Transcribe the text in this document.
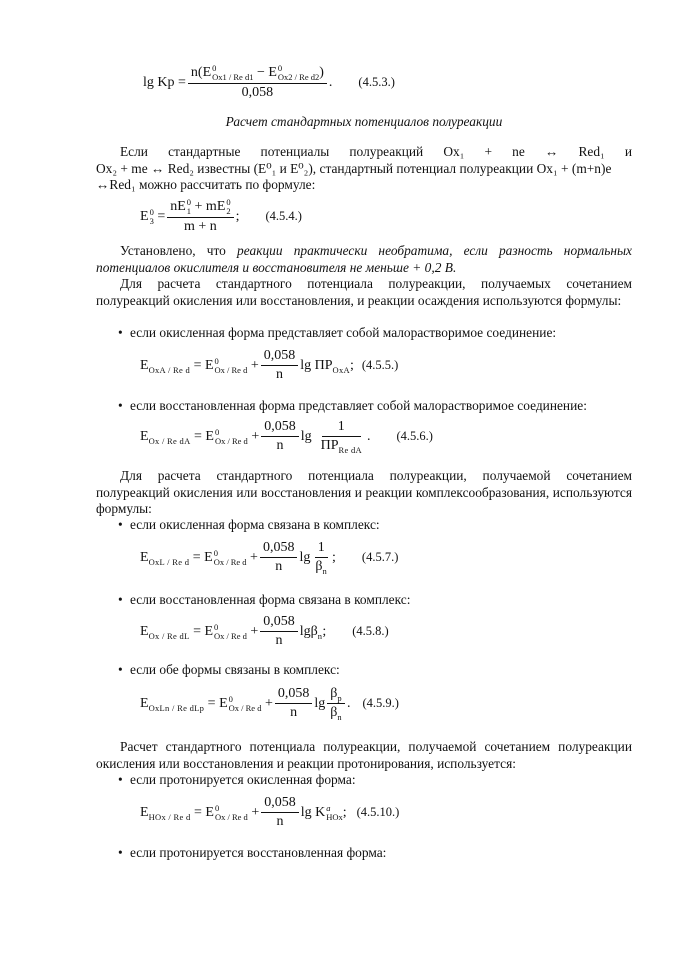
lg Kp = n(E 0
Ox1 / Re d1 − E 0
Ox2 / Re d2 )
0,058 . (4.5.3.)
Расчет стандартных потенциалов полуреакции
Если стандартные потенциалы полуреакций Ox₁ + ne ↔ Red₁ и
Ox₂ + me ↔ Red₂ известны (E⁰₁ и E⁰₂), стандартный потенциал полуреакции Ox₁ + (m+n)e
↔Red₁ можно рассчитать по формуле:
E 0
3 = nE 0
1 + mE 0
2
m + n ; (4.5.4.)
Установлено, что реакции практически необратима, если разность нормальных потенциалов окислителя и восстановителя не меньше + 0,2 В.
Для расчета стандартного потенциала полуреакции, получаемых сочетанием полуреакций окисления или восстановления, и реакции осаждения используются формулы:
• если окисленная форма представляет собой малорастворимое соединение:
$E_{OxA / Re d} = E$ 0
Ox / Re $d + \frac{0,058}{n}$ $\lg ПР_{OxA}$; (4.5.5.)
• если восстановленная форма представляет собой малорастворимое соединение:
$E_{Ox / Re dA} = E$ 0
Ox / Re $d + \frac{0,058}{n}$ $\lg \frac{1}{ПР_{Re dA}}$ . (4.5.6.)
Для расчета стандартного потенциала полуреакции, получаемой сочетанием полуреакций окисления или восстановления и реакции комплексообразования, используются формулы:
• если окисленная форма связана в комплекс:
$E_{OxL / Re d} = E$ 0
Ox / Re $d + \frac{0,058}{n}$ $\lg \frac{1}{\beta_n}$ ; (4.5.7.)
• если восстановленная форма связана в комплекс:
$E_{Ox / Re dL} = E$ 0
Ox / Re $d + \frac{0,058}{n} \lg\beta_n$; (4.5.8.)
• если обе формы связаны в комплекс:
$E_{OxLn / Re dLp} = E$ 0
Ox / Re $d + \frac{0,058}{n}$ $\lg \frac{\beta_p}{\beta_n}$ . (4.5.9.)
Расчет стандартного потенциала полуреакции, получаемой сочетанием полуреакции окисления или восстановления и реакции протонирования, используется:
• если протонируется окисленная форма:
$E_{HOx / Re d} = E$ 0
Ox / Re $d + \frac{0,058}{n}$ lg K a
HOx ; (4.5.10.)
• если протонируется восстановленная форма:
